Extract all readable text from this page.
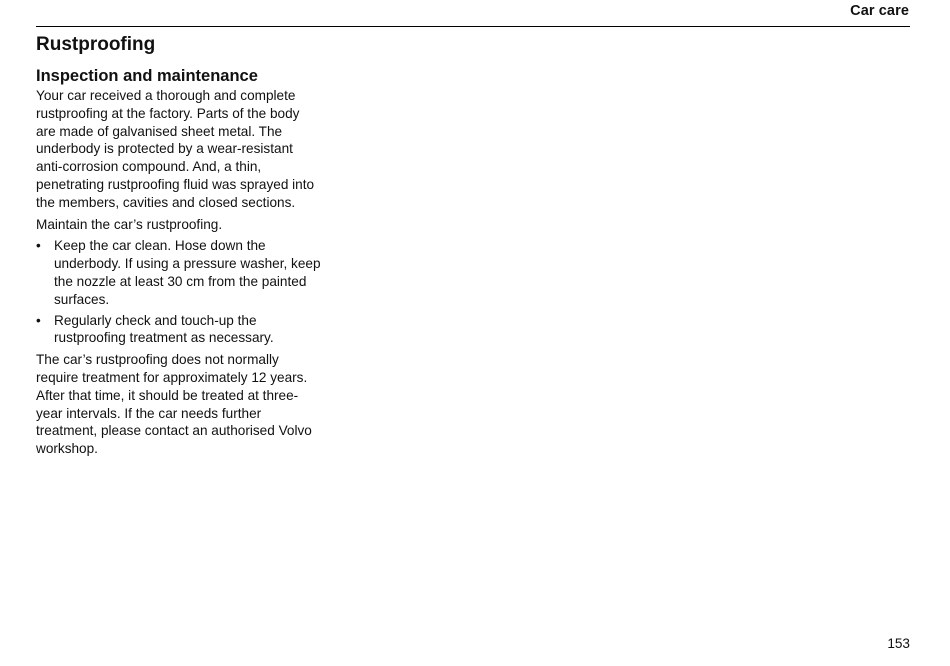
Car care
Rustproofing
Inspection and maintenance

Your car received a thorough and complete rustproofing at the factory. Parts of the body are made of galvanised sheet metal. The underbody is protected by a wear-resistant anti-corrosion compound. And, a thin, penetrating rustproofing fluid was sprayed into the members, cavities and closed sections.

Maintain the car’s rustproofing.

• Keep the car clean. Hose down the underbody. If using a pressure washer, keep the nozzle at least 30 cm from the painted surfaces.
• Regularly check and touch-up the rustproofing treatment as necessary.

The car’s rustproofing does not normally require treatment for approximately 12 years. After that time, it should be treated at three-year intervals. If the car needs further treatment, please contact an authorised Volvo workshop.

153
